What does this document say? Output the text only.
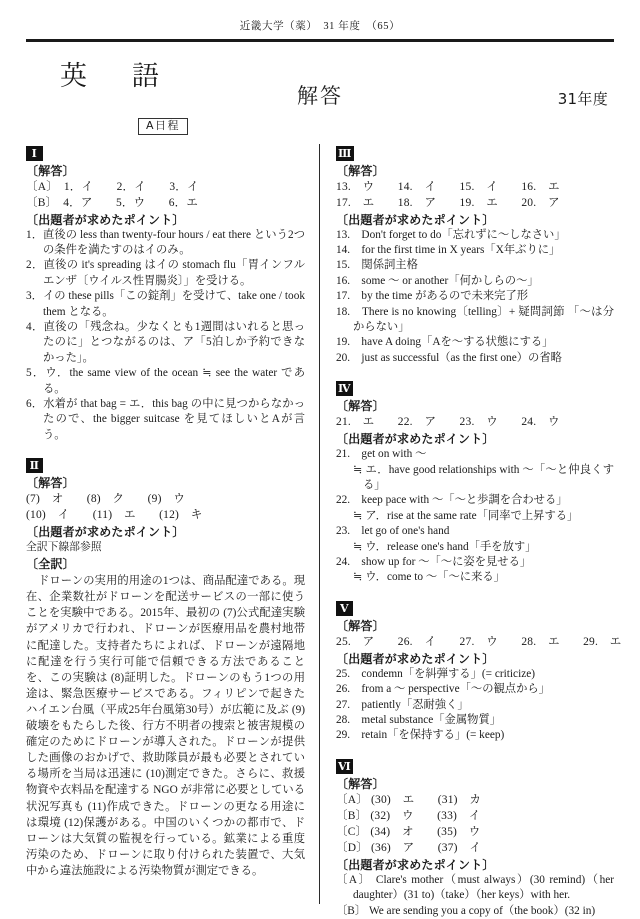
近畿大学（薬）　31 年度　（65）
英　語
解答	31年度
A日程
Ⅰ
〔解答〕
〔A〕　1．イ　　2．イ　　3．イ
〔B〕　4．ア　　5．ウ　　6．エ
〔出題者が求めたポイント〕
1．直後の less than twenty-four hours / eat there という2つの条件を満たすのはイのみ。
2．直後の it's spreading はイの stomach flu「胃インフルエンザ〔ウイルス性胃腸炎〕」を受ける。
3．イの these pills「この錠剤」を受けて、take one / took them となる。
4．直後の「残念ね。少なくとも1週間はいれると思ったのに」とつながるのは、ア「5泊しか予約できなかった」。
5．ウ．the same view of the ocean ≒ see the water である。
6．水着が that bag = エ．this bag の中に見つからなかったので、the bigger suitcase を見てほしいとAが言う。
Ⅱ
〔解答〕
(7)　オ　　(8)　ク　　(9)　ウ
(10)　イ　　(11)　エ　　(12)　キ
〔出題者が求めたポイント〕
全訳下線部参照
〔全訳〕

ドローンの実用的用途の1つは、商品配達である。現在、企業数社がドローンを配送サービスの一部に使うことを実験中である。2015年、最初の (7)公式配達実験がアメリカで行われ、ドローンが医療用品を農村地帯に配達した。支持者たちによれば、ドローンが遠隔地に配達を行う実行可能で信頼できる方法であることを、この実験は (8)証明した。ドローンのもう1つの用途は、緊急医療サービスである。フィリピンで起きたハイエン台風（平成25年台風第30号）が広範に及ぶ (9)破壊をもたらした後、行方不明者の捜索と被害規模の確定のためにドローンが導入された。ドローンが提供した画像のおかげで、救助隊員が最も必要とされている場所を当局は迅速に (10)測定できた。さらに、救援物資や衣料品を配達する NGO が非常に必要としている状況写真も (11)作成できた。ドローンの更なる用途には環境 (12)保護がある。中国のいくつかの都市で、ドローンは大気質の監視を行っている。鉱業による重度汚染のため、ドローンに取り付けられた装置で、大気中から違法施設による汚染物質が測定できる。

Ⅲ
〔解答〕
13.　ウ　　14.　イ　　15.　イ　　16.　エ
17.　エ　　18.　ア　　19.　エ　　20.　ア
〔出題者が求めたポイント〕
13.　Don't forget to do「忘れずに〜しなさい」
14.　for the first time in X years「X年ぶりに」
15.　関係詞主格
16.　some 〜 or another「何かしらの〜」
17.　by the time があるので未来完了形
18.　There is no knowing〔telling〕+ 疑問詞節 「〜は分からない」
19.　have A doing「Aを〜する状態にする」
20.　just as successful（as the first one）の省略
Ⅳ
〔解答〕
21.　エ　　22.　ア　　23.　ウ　　24.　ウ
〔出題者が求めたポイント〕
21.　get on with 〜
≒ エ．have good relationships with 〜「〜と仲良くする」
22.　keep pace with 〜「〜と歩調を合わせる」
≒ ア．rise at the same rate「同率で上昇する」
23.　let go of one's hand
≒ ウ．release one's hand「手を放す」
24.　show up for 〜「〜に姿を見せる」
≒ ウ．come to 〜「〜に来る」
Ⅴ
〔解答〕
25.　ア　　26.　イ　　27.　ウ　　28.　エ　　29.　エ
〔出題者が求めたポイント〕
25.　condemn「を糾弾する」(= criticize)
26.　from a 〜 perspective「〜の観点から」
27.　patiently「忍耐強く」
28.　metal substance「金属物質」
29.　retain「を保持する」(= keep)
Ⅵ
〔解答〕
〔A〕 (30)　エ　　(31)　カ
〔B〕 (32)　ウ　　(33)　イ
〔C〕 (34)　オ　　(35)　ウ
〔D〕 (36)　ア　　(37)　イ
〔出題者が求めたポイント〕
〔A〕 Clare's mother（must always）(30 remind)（her daughter）(31 to)（take）（her keys）with her.
〔B〕 We are sending you a copy of（the book）(32 in)
